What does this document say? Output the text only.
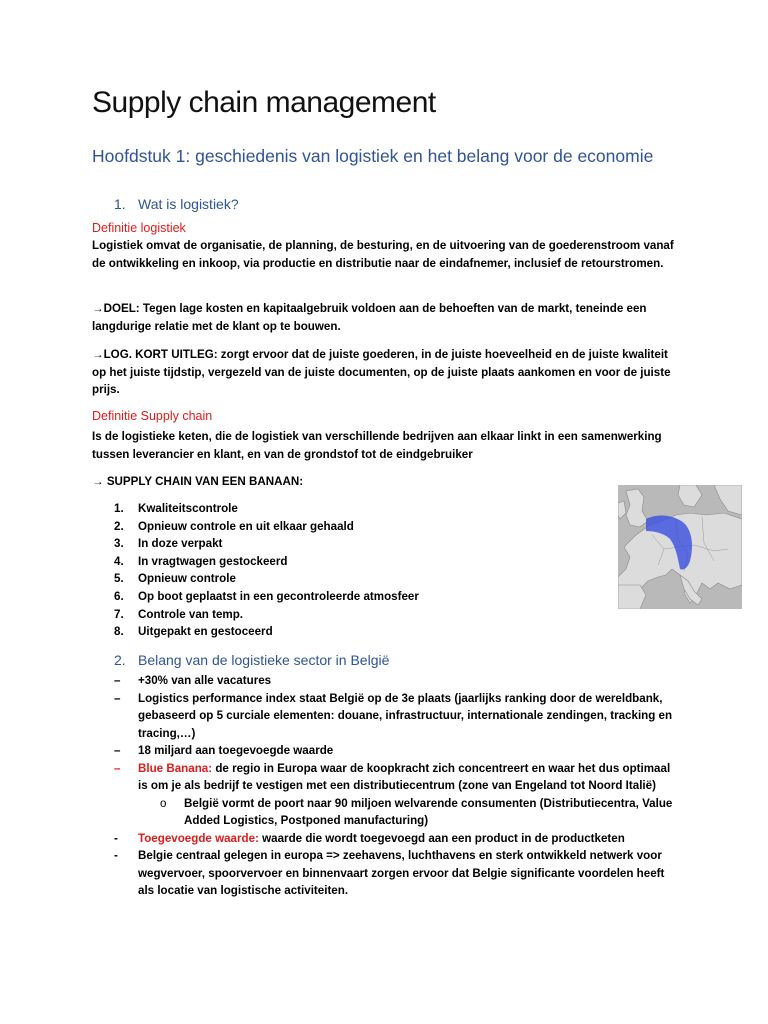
Supply chain management
Hoofdstuk 1: geschiedenis van logistiek en het belang voor de economie
1. Wat is logistiek?
Definitie logistiek

Logistiek omvat de organisatie, de planning, de besturing, en de uitvoering van de goederenstroom vanaf de ontwikkeling en inkoop, via productie en distributie naar de eindafnemer, inclusief de retourstromen.

→DOEL: Tegen lage kosten en kapitaalgebruik voldoen aan de behoeften van de markt, teneinde een langdurige relatie met de klant op te bouwen.

→LOG. KORT UITLEG: zorgt ervoor dat de juiste goederen, in de juiste hoeveelheid en de juiste kwaliteit op het juiste tijdstip, vergezeld van de juiste documenten, op de juiste plaats aankomen en voor de juiste prijs.

Definitie Supply chain

Is de logistieke keten, die de logistiek van verschillende bedrijven aan elkaar linkt in een samenwerking tussen leverancier en klant, en van de grondstof tot de eindgebruiker

→ SUPPLY CHAIN VAN EEN BANAAN:

1. Kwaliteitscontrole
2. Opnieuw controle en uit elkaar gehaald
3. In doze verpakt
4. In vragtwagen gestockeerd
5. Opnieuw controle
6. Op boot geplaatst in een gecontroleerde atmosfeer
7. Controle van temp.
8. Uitgepakt en gestoceerd
2. Belang van de logistieke sector in België
– +30% van alle vacatures
– Logistics performance index staat België op de 3e plaats (jaarlijks ranking door de wereldbank, gebaseerd op 5 curciale elementen: douane, infrastructuur, internationale zendingen, tracking en tracing,…)
– 18 miljard aan toegevoegde waarde
– Blue Banana: de regio in Europa waar de koopkracht zich concentreert en waar het dus optimaal is om je als bedrijf te vestigen met een distributiecentrum (zone van Engeland tot Noord Italië)
o België vormt de poort naar 90 miljoen welvarende consumenten (Distributiecentra, Value Added Logistics, Postponed manufacturing)
- Toegevoegde waarde: waarde die wordt toegevoegd aan een product in de productketen
- Belgie centraal gelegen in europa => zeehavens, luchthavens en sterk ontwikkeld netwerk voor wegvervoer, spoorvervoer en binnenvaart zorgen ervoor dat Belgie significante voordelen heeft als locatie van logistische activiteiten.
